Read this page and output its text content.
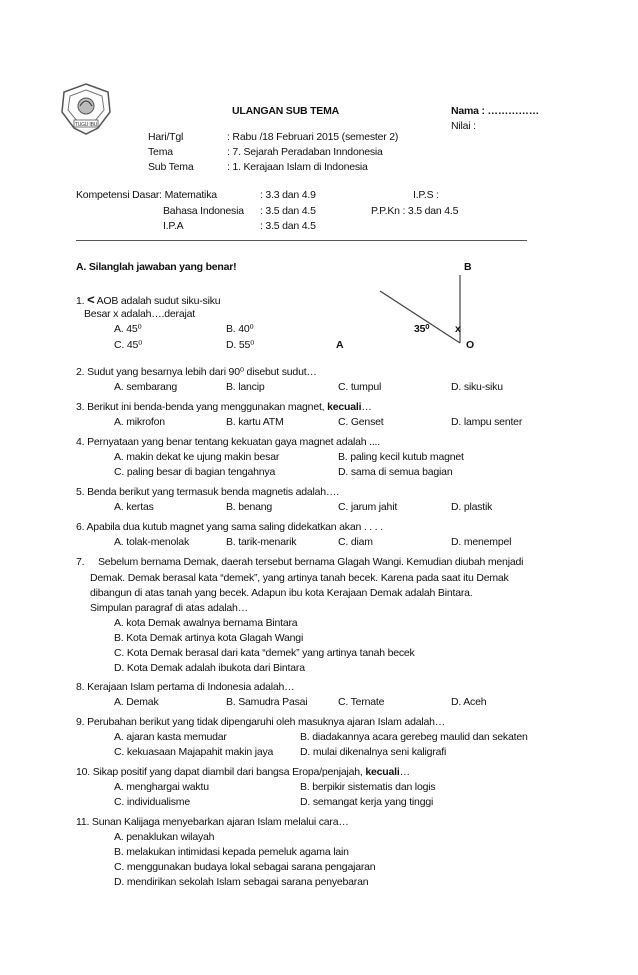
TUGU IBU
ULANGAN SUB TEMA	Nama : ……………
Nilai :
Hari/Tgl	: Rabu /18 Februari 2015 (semester 2)
Tema	: 7. Sejarah Peradaban Inndonesia
Sub Tema	: 1. Kerajaan Islam di Indonesia
Kompetensi Dasar: Matematika	: 3.3 dan 4.9	I.P.S :
Bahasa Indonesia : 3.5 dan 4.5	P.P.Kn : 3.5 dan 4.5
I.P.A	: 3.5 dan 4.5
A. Silanglah jawaban yang benar!	B
A	O
35⁰ x
1. < AOB adalah sudut siku-siku
Besar x adalah….derajat
A. 45⁰	B. 40⁰
C. 45⁰	D. 55⁰
2. Sudut yang besarnya lebih dari 90⁰ disebut sudut…
A. sembarang	B. lancip	C. tumpul	D. siku-siku
3. Berikut ini benda-benda yang menggunakan magnet, kecuali…
A. mikrofon	B. kartu ATM	C. Genset	D. lampu senter
4. Pernyataan yang benar tentang kekuatan gaya magnet adalah ....
A. makin dekat ke ujung makin besar	B. paling kecil kutub magnet
C. paling besar di bagian tengahnya	D. sama di semua bagian
5. Benda berikut yang termasuk benda magnetis adalah….
A. kertas	B. benang	C. jarum jahit	D. plastik
6. Apabila dua kutub magnet yang sama saling didekatkan akan . . . .
A. tolak-menolak	B. tarik-menarik	C. diam	D. menempel
7. Sebelum bernama Demak, daerah tersebut bernama Glagah Wangi. Kemudian diubah menjadi
Demak. Demak berasal kata “demek”, yang artinya tanah becek. Karena pada saat itu Demak
dibangun di atas tanah yang becek. Adapun ibu kota Kerajaan Demak adalah Bintara.
Simpulan paragraf di atas adalah…
A. kota Demak awalnya bernama Bintara
B. Kota Demak artinya kota Glagah Wangi
C. Kota Demak berasal dari kata “demek” yang artinya tanah becek
D. Kota Demak adalah ibukota dari Bintara
8. Kerajaan Islam pertama di Indonesia adalah…
A. Demak	B. Samudra Pasai	C. Ternate	D. Aceh
9. Perubahan berikut yang tidak dipengaruhi oleh masuknya ajaran Islam adalah…
A. ajaran kasta memudar	B. diadakannya acara gerebeg maulid dan sekaten
C. kekuasaan Majapahit makin jaya	D. mulai dikenalnya seni kaligrafi
10. Sikap positif yang dapat diambil dari bangsa Eropa/penjajah, kecuali…
A. menghargai waktu	B. berpikir sistematis dan logis
C. individualisme	D. semangat kerja yang tinggi
11. Sunan Kalijaga menyebarkan ajaran Islam melalui cara…
A. penaklukan wilayah
B. melakukan intimidasi kepada pemeluk agama lain
C. menggunakan budaya lokal sebagai sarana pengajaran
D. mendirikan sekolah Islam sebagai sarana penyebaran
